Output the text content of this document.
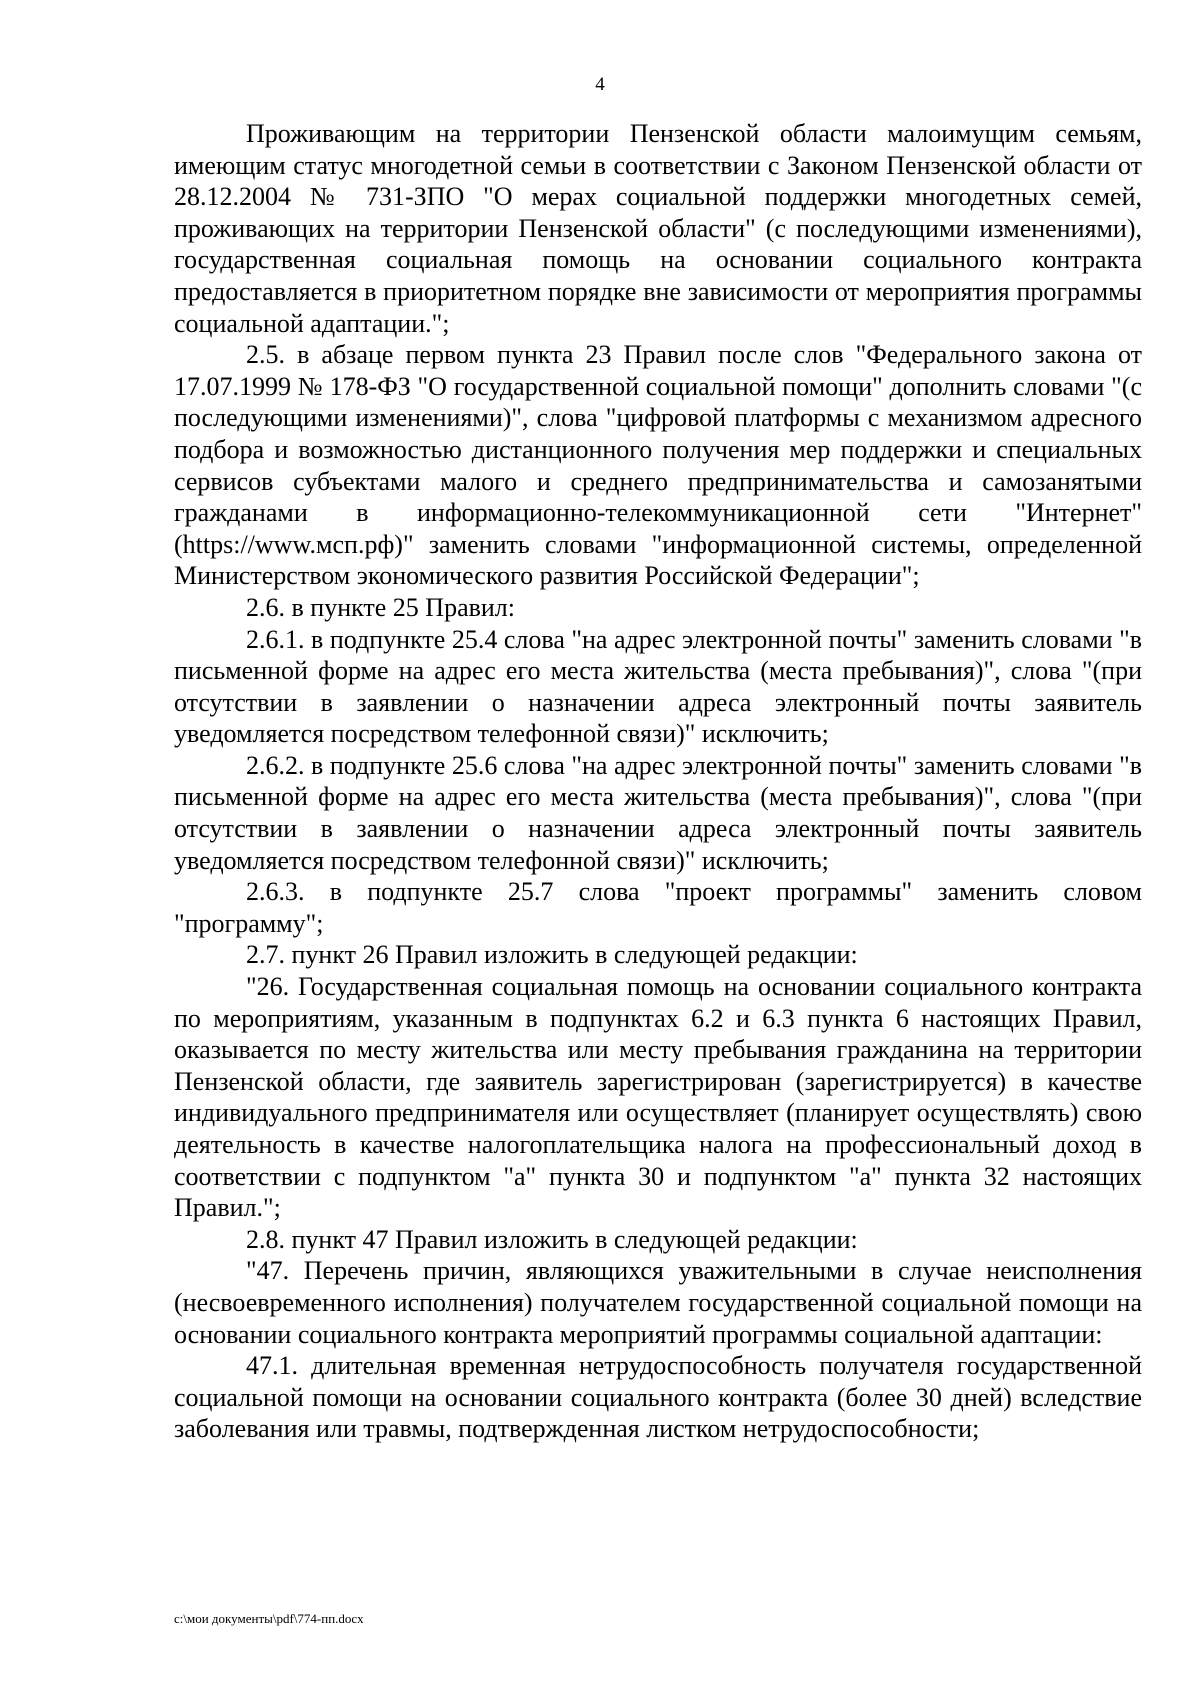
4

Проживающим на территории Пензенской области малоимущим семьям, имеющим статус многодетной семьи в соответствии с Законом Пензенской области от 28.12.2004 № 731-ЗПО "О мерах социальной поддержки многодетных семей, проживающих на территории Пензенской области" (с последующими изменениями), государственная социальная помощь на основании социального контракта предоставляется в приоритетном порядке вне зависимости от мероприятия программы социальной адаптации.";

2.5. в абзаце первом пункта 23 Правил после слов "Федерального закона от 17.07.1999 № 178-ФЗ "О государственной социальной помощи" дополнить словами "(с последующими изменениями)", слова "цифровой платформы с механизмом адресного подбора и возможностью дистанционного получения мер поддержки и специальных сервисов субъектами малого и среднего предпринимательства и самозанятыми гражданами в информационно-телекоммуникационной сети "Интернет" (https://www.мсп.рф)" заменить словами "информационной системы, определенной Министерством экономического развития Российской Федерации";

2.6. в пункте 25 Правил:

2.6.1. в подпункте 25.4 слова "на адрес электронной почты" заменить словами "в письменной форме на адрес его места жительства (места пребывания)", слова "(при отсутствии в заявлении о назначении адреса электронный почты заявитель уведомляется посредством телефонной связи)" исключить;

2.6.2. в подпункте 25.6 слова "на адрес электронной почты" заменить словами "в письменной форме на адрес его места жительства (места пребывания)", слова "(при отсутствии в заявлении о назначении адреса электронный почты заявитель уведомляется посредством телефонной связи)" исключить;

2.6.3. в подпункте 25.7 слова "проект программы" заменить словом "программу";

2.7. пункт 26 Правил изложить в следующей редакции:

"26. Государственная социальная помощь на основании социального контракта по мероприятиям, указанным в подпунктах 6.2 и 6.3 пункта 6 настоящих Правил, оказывается по месту жительства или месту пребывания гражданина на территории Пензенской области, где заявитель зарегистрирован (зарегистрируется) в качестве индивидуального предпринимателя или осуществляет (планирует осуществлять) свою деятельность в качестве налогоплательщика налога на профессиональный доход в соответствии с подпунктом "а" пункта 30 и подпунктом "а" пункта 32 настоящих Правил.";

2.8. пункт 47 Правил изложить в следующей редакции:

"47. Перечень причин, являющихся уважительными в случае неисполнения (несвоевременного исполнения) получателем государственной социальной помощи на основании социального контракта мероприятий программы социальной адаптации:

47.1. длительная временная нетрудоспособность получателя государственной социальной помощи на основании социального контракта (более 30 дней) вследствие заболевания или травмы, подтвержденная листком нетрудоспособности;

c:\мои документы\pdf\774-пп.docx
